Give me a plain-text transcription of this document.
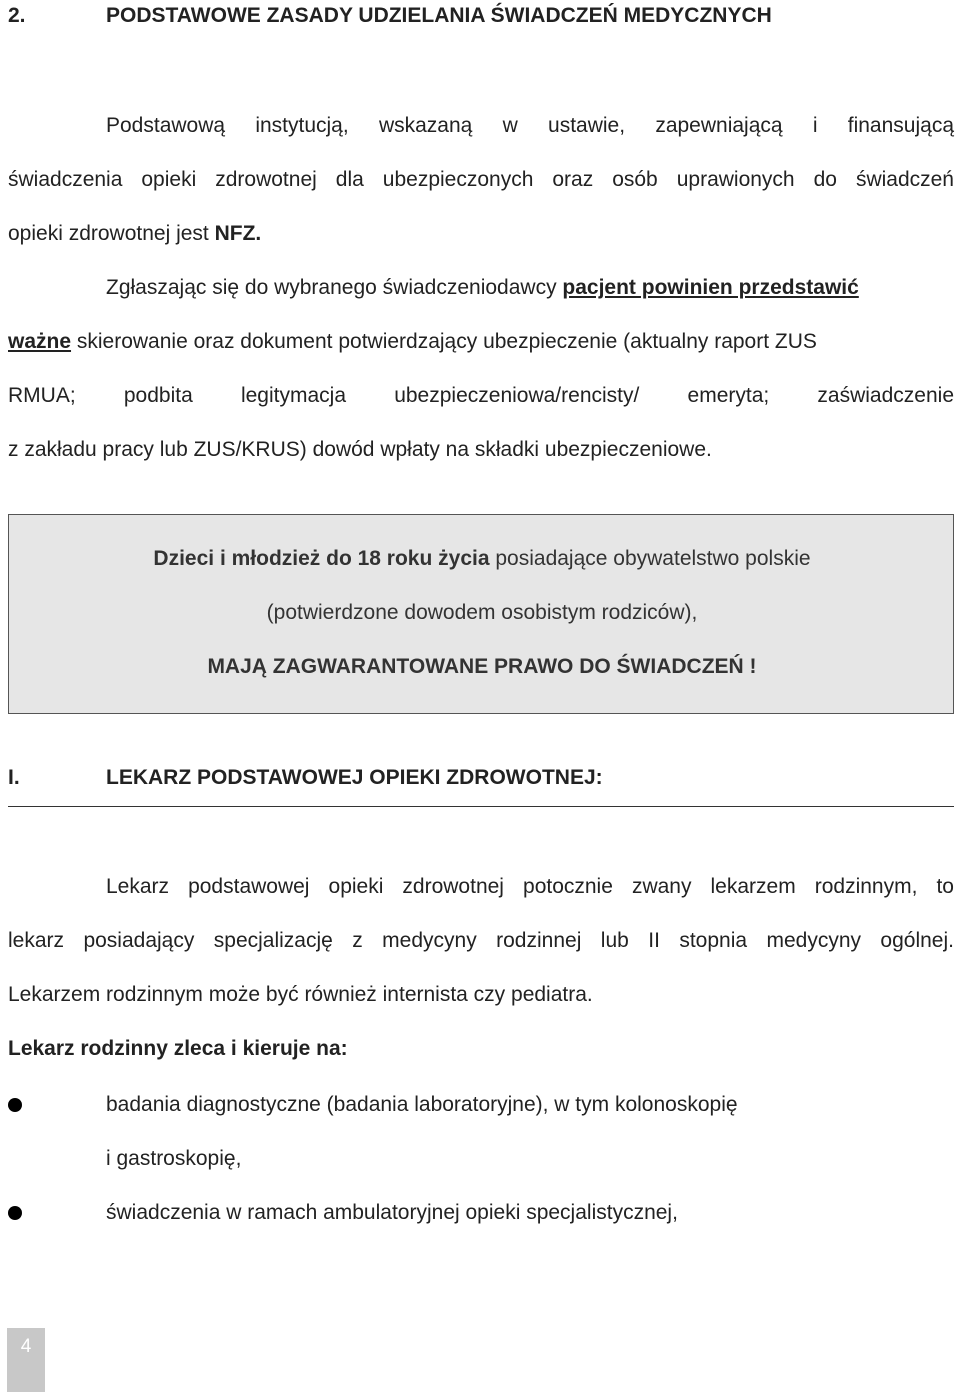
2.	PODSTAWOWE ZASADY UDZIELANIA ŚWIADCZEŃ MEDYCZNYCH
Podstawową instytucją, wskazaną w ustawie, zapewniającą i finansującą
świadczenia opieki zdrowotnej dla ubezpieczonych oraz osób uprawionych do świadczeń
opieki zdrowotnej jest NFZ.
Zgłaszając się do wybranego świadczeniodawcy pacjent powinien przedstawić
ważne skierowanie oraz dokument potwierdzający ubezpieczenie (aktualny raport ZUS
RMUA; podbita legitymacja ubezpieczeniowa/rencisty/ emeryta; zaświadczenie
z zakładu pracy lub ZUS/KRUS) dowód wpłaty na składki ubezpieczeniowe.
Dzieci i młodzież do 18 roku życia posiadające obywatelstwo polskie
(potwierdzone dowodem osobistym rodziców),
MAJĄ ZAGWARANTOWANE PRAWO DO ŚWIADCZEŃ !
I.	LEKARZ PODSTAWOWEJ OPIEKI ZDROWOTNEJ:
Lekarz podstawowej opieki zdrowotnej potocznie zwany lekarzem rodzinnym, to
lekarz posiadający specjalizację z medycyny rodzinnej lub II stopnia medycyny ogólnej.
Lekarzem rodzinnym może być również internista czy pediatra.
Lekarz rodzinny zleca i kieruje na:
badania diagnostyczne (badania laboratoryjne), w tym kolonoskopię
i gastroskopię,
świadczenia w ramach ambulatoryjnej opieki specjalistycznej,
4
